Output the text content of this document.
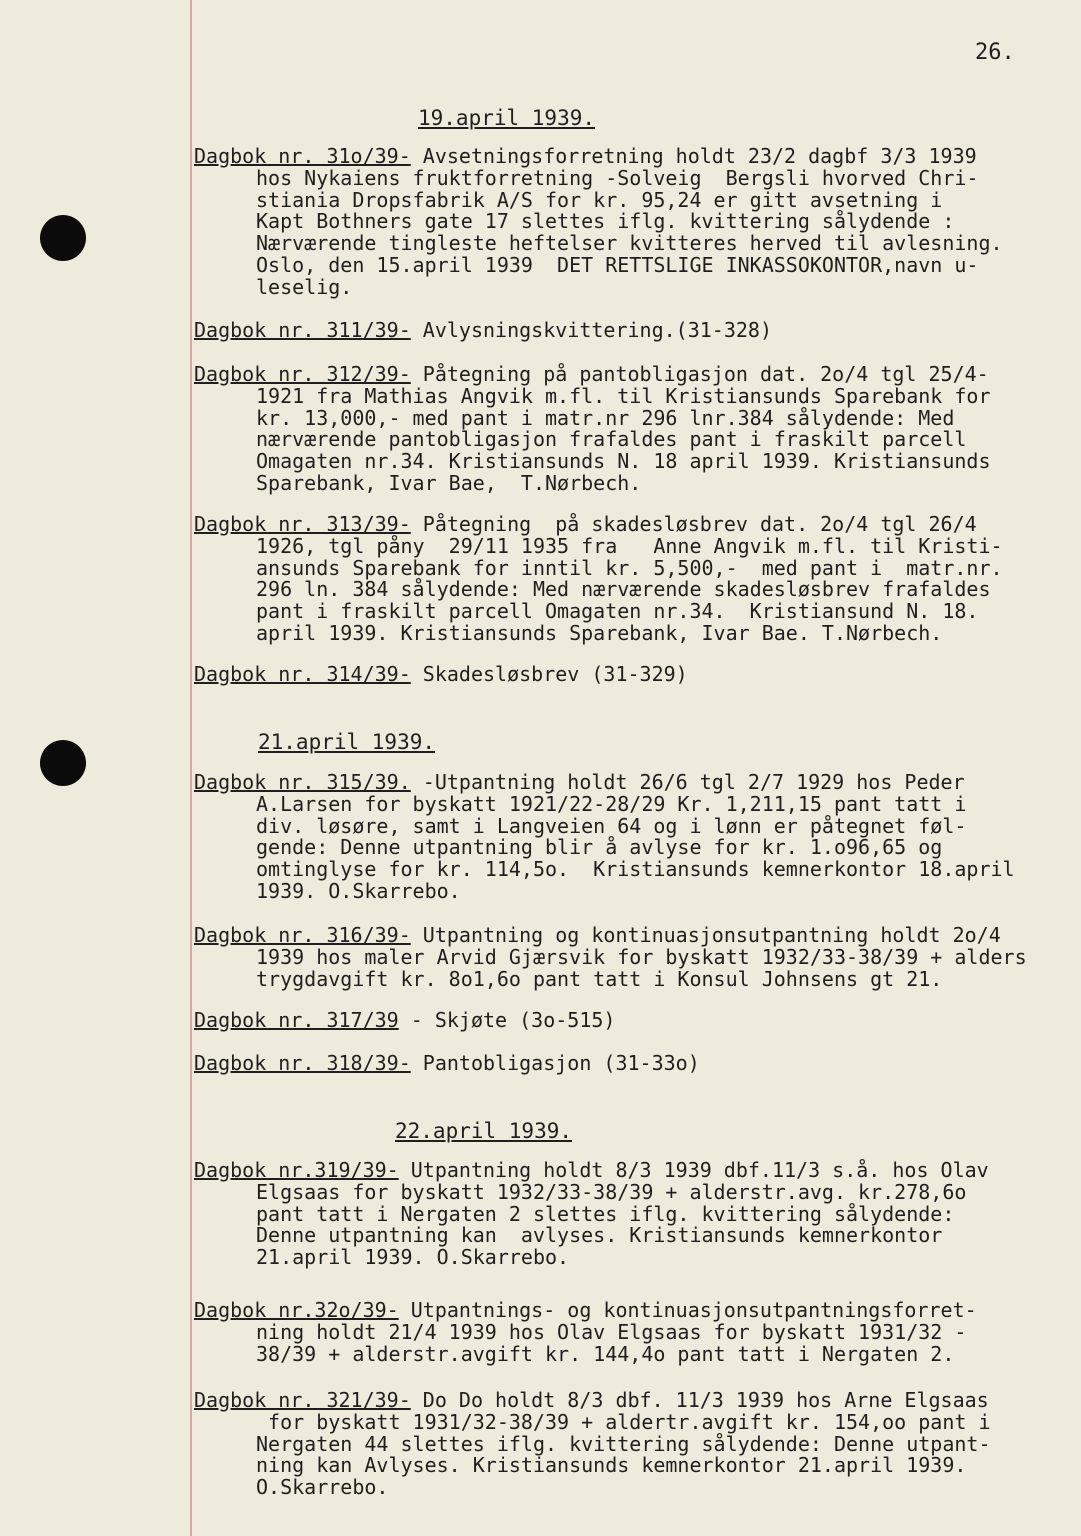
26.
19.april 1939.
21.april 1939.
22.april 1939.
Dagbok nr. 31o/39- Avsetningsforretning holdt 23/2 dagbf 3/3 1939
hos Nykaiens fruktforretning -Solveig  Bergsli hvorved Chri-
stiania Dropsfabrik A/S for kr. 95,24 er gitt avsetning i
Kapt Bothners gate 17 slettes iflg. kvittering sålydende :
Nærværende tingleste heftelser kvitteres herved til avlesning.
Oslo, den 15.april 1939  DET RETTSLIGE INKASSOKONTOR,navn u-
leselig.
Dagbok nr. 311/39- Avlysningskvittering.(31-328)
Dagbok nr. 312/39- Påtegning på pantobligasjon dat. 2o/4 tgl 25/4-
1921 fra Mathias Angvik m.fl. til Kristiansunds Sparebank for
kr. 13,000,- med pant i matr.nr 296 lnr.384 sålydende: Med
nærværende pantobligasjon frafaldes pant i fraskilt parcell
Omagaten nr.34. Kristiansunds N. 18 april 1939. Kristiansunds
Sparebank, Ivar Bae,  T.Nørbech.
Dagbok nr. 313/39- Påtegning  på skadesløsbrev dat. 2o/4 tgl 26/4
1926, tgl påny  29/11 1935 fra   Anne Angvik m.fl. til Kristi-
ansunds Sparebank for inntil kr. 5,500,-  med pant i  matr.nr.
296 ln. 384 sålydende: Med nærværende skadesløsbrev frafaldes
pant i fraskilt parcell Omagaten nr.34.  Kristiansund N. 18.
april 1939. Kristiansunds Sparebank, Ivar Bae. T.Nørbech.
Dagbok nr. 314/39- Skadesløsbrev (31-329)
Dagbok nr. 315/39. -Utpantning holdt 26/6 tgl 2/7 1929 hos Peder
A.Larsen for byskatt 1921/22-28/29 Kr. 1,211,15 pant tatt i
div. løsøre, samt i Langveien 64 og i lønn er påtegnet føl-
gende: Denne utpantning blir å avlyse for kr. 1.o96,65 og
omtinglyse for kr. 114,5o.  Kristiansunds kemnerkontor 18.april
1939. O.Skarrebo.
Dagbok nr. 316/39- Utpantning og kontinuasjonsutpantning holdt 2o/4
1939 hos maler Arvid Gjærsvik for byskatt 1932/33-38/39 + alders
trygdavgift kr. 8o1,6o pant tatt i Konsul Johnsens gt 21.
Dagbok nr. 317/39 - Skjøte (3o-515)
Dagbok nr. 318/39- Pantobligasjon (31-33o)
Dagbok nr.319/39- Utpantning holdt 8/3 1939 dbf.11/3 s.å. hos Olav
Elgsaas for byskatt 1932/33-38/39 + alderstr.avg. kr.278,6o
pant tatt i Nergaten 2 slettes iflg. kvittering sålydende:
Denne utpantning kan  avlyses. Kristiansunds kemnerkontor
21.april 1939. O.Skarrebo.
Dagbok nr.32o/39- Utpantnings- og kontinuasjonsutpantningsforret-
ning holdt 21/4 1939 hos Olav Elgsaas for byskatt 1931/32 -
38/39 + alderstr.avgift kr. 144,4o pant tatt i Nergaten 2.
Dagbok nr. 321/39- Do Do holdt 8/3 dbf. 11/3 1939 hos Arne Elgsaas
for byskatt 1931/32-38/39 + aldertr.avgift kr. 154,oo pant i
Nergaten 44 slettes iflg. kvittering sålydende: Denne utpant-
ning kan Avlyses. Kristiansunds kemnerkontor 21.april 1939.
O.Skarrebo.
